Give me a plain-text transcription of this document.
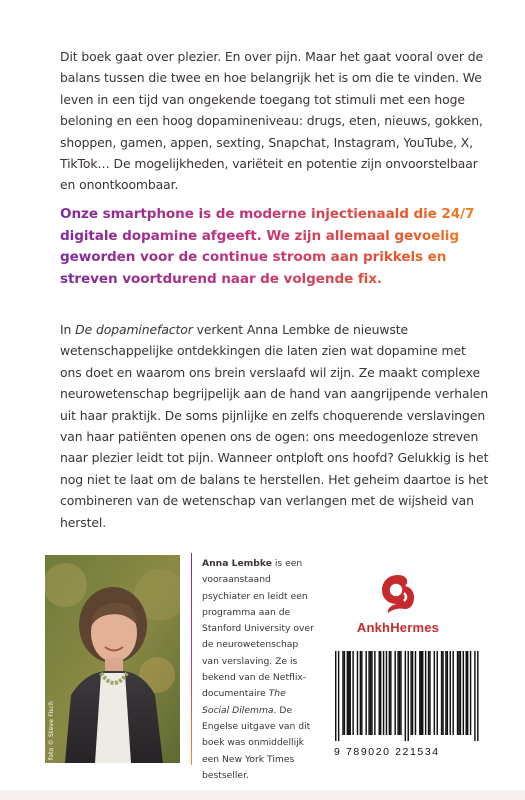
Dit boek gaat over plezier. En over pijn. Maar het gaat vooral over de balans tussen die twee en hoe belangrijk het is om die te vinden. We leven in een tijd van ongekende toegang tot stimuli met een hoge beloning en een hoog dopamineniveau: drugs, eten, nieuws, gokken, shoppen, gamen, appen, sexting, Snapchat, Instagram, YouTube, X, TikTok… De mogelijkheden, variëteit en potentie zijn onvoorstelbaar en onontkoombaar.

Onze smartphone is de moderne injectienaald die 24/7 digitale dopamine afgeeft. We zijn allemaal gevoelig geworden voor de continue stroom aan prikkels en streven voortdurend naar de volgende fix.

In De dopaminefactor verkent Anna Lembke de nieuwste wetenschappelijke ontdekkingen die laten zien wat dopamine met ons doet en waarom ons brein verslaafd wil zijn. Ze maakt complexe neurowetenschap begrijpelijk aan de hand van aangrijpende verhalen uit haar praktijk. De soms pijnlijke en zelfs choquerende verslavingen van haar patiënten openen ons de ogen: ons meedogenloze streven naar plezier leidt tot pijn. Wanneer ontploft ons hoofd? Gelukkig is het nog niet te laat om de balans te herstellen. Het geheim daartoe is het combineren van de wetenschap van verlangen met de wijsheid van herstel.

foto © Steve Fisch

Anna Lembke is een vooraanstaand psychiater en leidt een programma aan de Stanford University over de neurowetenschap van verslaving. Ze is bekend van de Netflix-documentaire The Social Dilemma. De Engelse uitgave van dit boek was onmiddellijk een New York Times bestseller.

AnkhHermes
9 789020 221534
